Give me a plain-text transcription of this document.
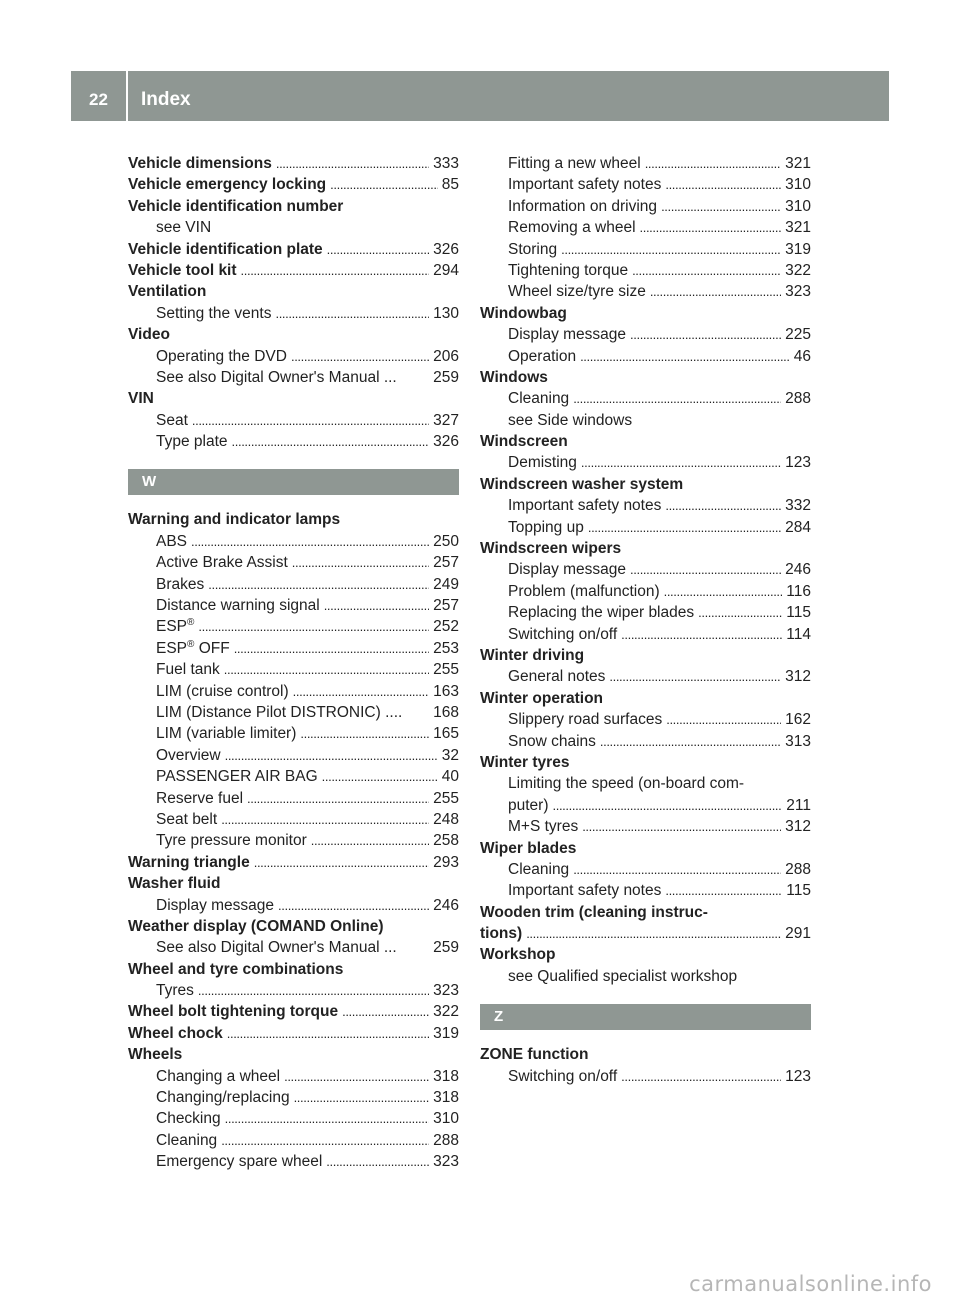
22	Index
Vehicle dimensions . . .	333
Vehicle emergency locking . . .	85
Vehicle identification number
see VIN
Vehicle identification plate . . .	326
Vehicle tool kit . . .	294
Ventilation
Setting the vents . . .	130
Video
Operating the DVD . . .	206
See also Digital Owner's Manual ... 259
VIN
Seat . . .	327
Type plate . . .	326
W
Warning and indicator lamps
ABS . . .	250
Active Brake Assist . . .	257
Brakes . . .	249
Distance warning signal . . .	257
ESP® . . .	252
ESP® OFF . . .	253
Fuel tank . . .	255
LIM (cruise control) . . .	163
LIM (Distance Pilot DISTRONIC) .... 168
LIM (variable limiter) . . .	165
Overview . . .	32
PASSENGER AIR BAG . . .	40
Reserve fuel . . .	255
Seat belt . . .	248
Tyre pressure monitor . . .	258
Warning triangle . . .	293
Washer fluid
Display message . . .	246
Weather display (COMAND Online)
See also Digital Owner's Manual ... 259
Wheel and tyre combinations
Tyres . . .	323
Wheel bolt tightening torque . . .	322
Wheel chock . . .	319
Wheels
Changing a wheel . . .	318
Changing/replacing . . .	318
Checking . . .	310
Cleaning . . .	288
Emergency spare wheel . . .	323
Fitting a new wheel . . .	321
Important safety notes . . .	310
Information on driving . . .	310
Removing a wheel . . .	321
Storing . . .	319
Tightening torque . . .	322
Wheel size/tyre size . . .	323
Windowbag
Display message . . .	225
Operation . . .	46
Windows
Cleaning . . .	288
see Side windows
Windscreen
Demisting . . .	123
Windscreen washer system
Important safety notes . . .	332
Topping up . . .	284
Windscreen wipers
Display message . . .	246
Problem (malfunction) . . .	116
Replacing the wiper blades . . .	115
Switching on/off . . .	114
Winter driving
General notes . . .	312
Winter operation
Slippery road surfaces . . .	162
Snow chains . . .	313
Winter tyres
Limiting the speed (on-board com-
puter) . . .	211
M+S tyres . . .	312
Wiper blades
Cleaning . . .	288
Important safety notes . . .	115
Wooden trim (cleaning instruc-
tions) . . .	291
Workshop
see Qualified specialist workshop
Z
ZONE function
Switching on/off . . .	123
carmanualsonline.info
